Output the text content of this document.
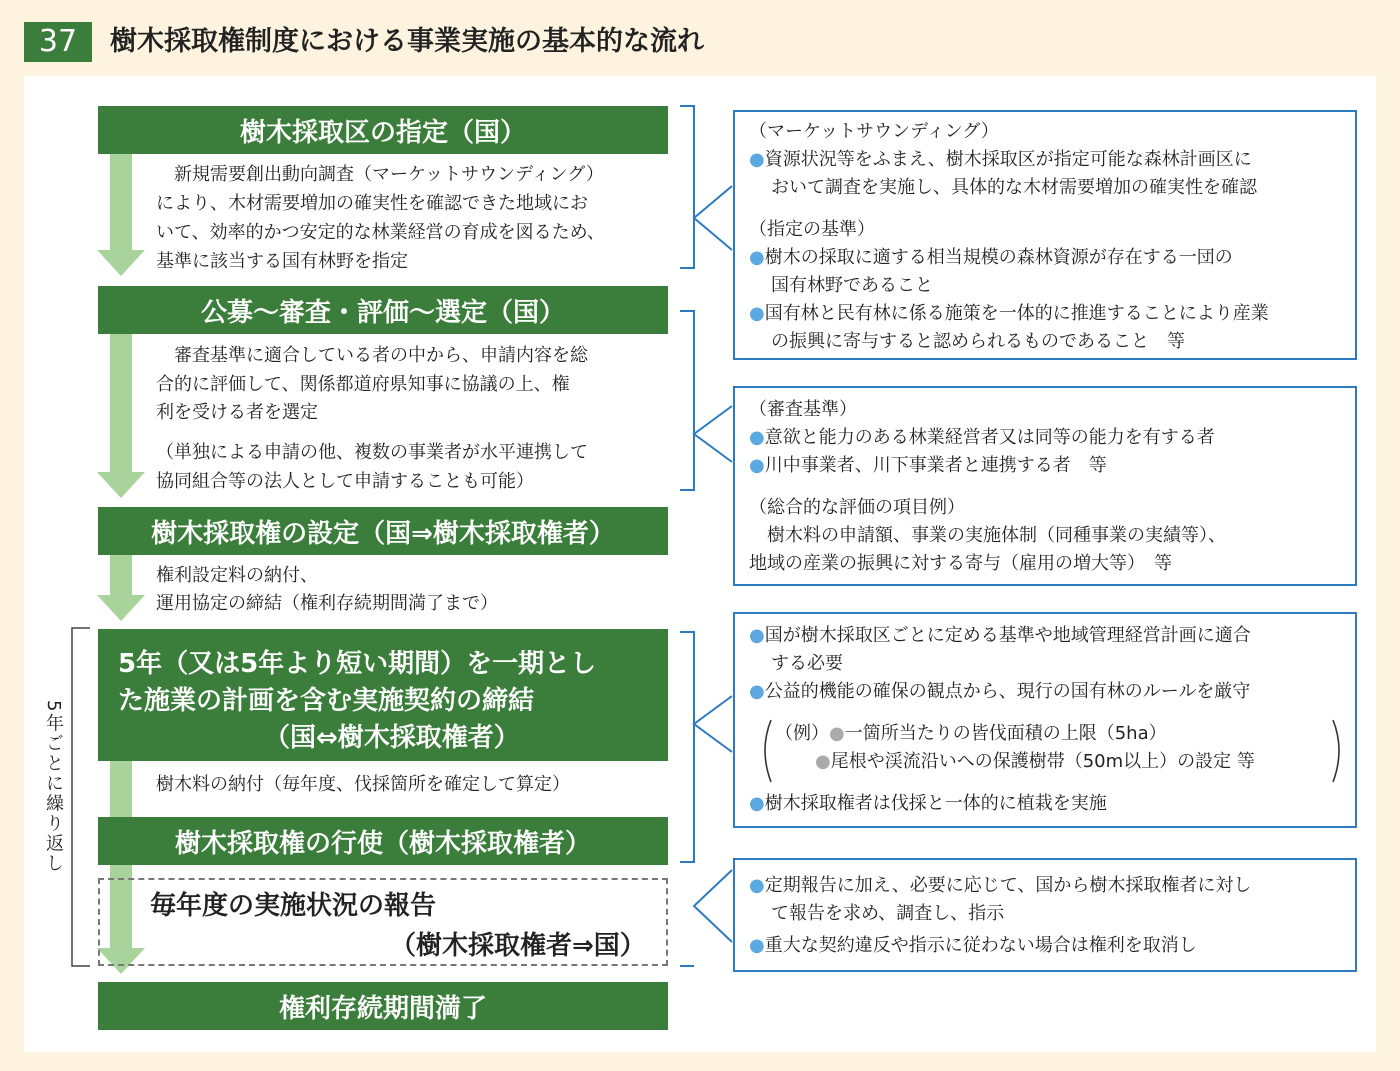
37	樹木採取権制度における事業実施の基本的な流れ
樹木採取区の指定（国）
　新規需要創出動向調査（マーケットサウンディング）
により、木材需要増加の確実性を確認できた地域にお
いて、効率的かつ安定的な林業経営の育成を図るため、
基準に該当する国有林野を指定
公募～審査・評価～選定（国）
　審査基準に適合している者の中から、申請内容を総
合的に評価して、関係都道府県知事に協議の上、権
利を受ける者を選定
（単独による申請の他、複数の事業者が水平連携して
協同組合等の法人として申請することも可能）
樹木採取権の設定（国⇒樹木採取権者）
権利設定料の納付、
運用協定の締結（権利存続期間満了まで）
5年（又は5年より短い期間）を一期とし
た施業の計画を含む実施契約の締結
（国⇔樹木採取権者）
樹木料の納付（毎年度、伐採箇所を確定して算定）
樹木採取権の行使（樹木採取権者）
毎年度の実施状況の報告
（樹木採取権者⇒国）
権利存続期間満了
5年ごとに繰り返し
（マーケットサウンディング）
●資源状況等をふまえ、樹木採取区が指定可能な森林計画区に
おいて調査を実施し、具体的な木材需要増加の確実性を確認
（指定の基準）
●樹木の採取に適する相当規模の森林資源が存在する一団の
国有林野であること
●国有林と民有林に係る施策を一体的に推進することにより産業
の振興に寄与すると認められるものであること　等
（審査基準）
●意欲と能力のある林業経営者又は同等の能力を有する者
●川中事業者、川下事業者と連携する者　等
（総合的な評価の項目例）
　樹木料の申請額、事業の実施体制（同種事業の実績等）、
地域の産業の振興に対する寄与（雇用の増大等）　等
●国が樹木採取区ごとに定める基準や地域管理経営計画に適合
する必要
●公益的機能の確保の観点から、現行の国有林のルールを厳守
（例）●一箇所当たりの皆伐面積の上限（5ha）
●尾根や渓流沿いへの保護樹帯（50m以上）の設定 等
●樹木採取権者は伐採と一体的に植栽を実施
●定期報告に加え、必要に応じて、国から樹木採取権者に対し
て報告を求め、調査し、指示
●重大な契約違反や指示に従わない場合は権利を取消し
